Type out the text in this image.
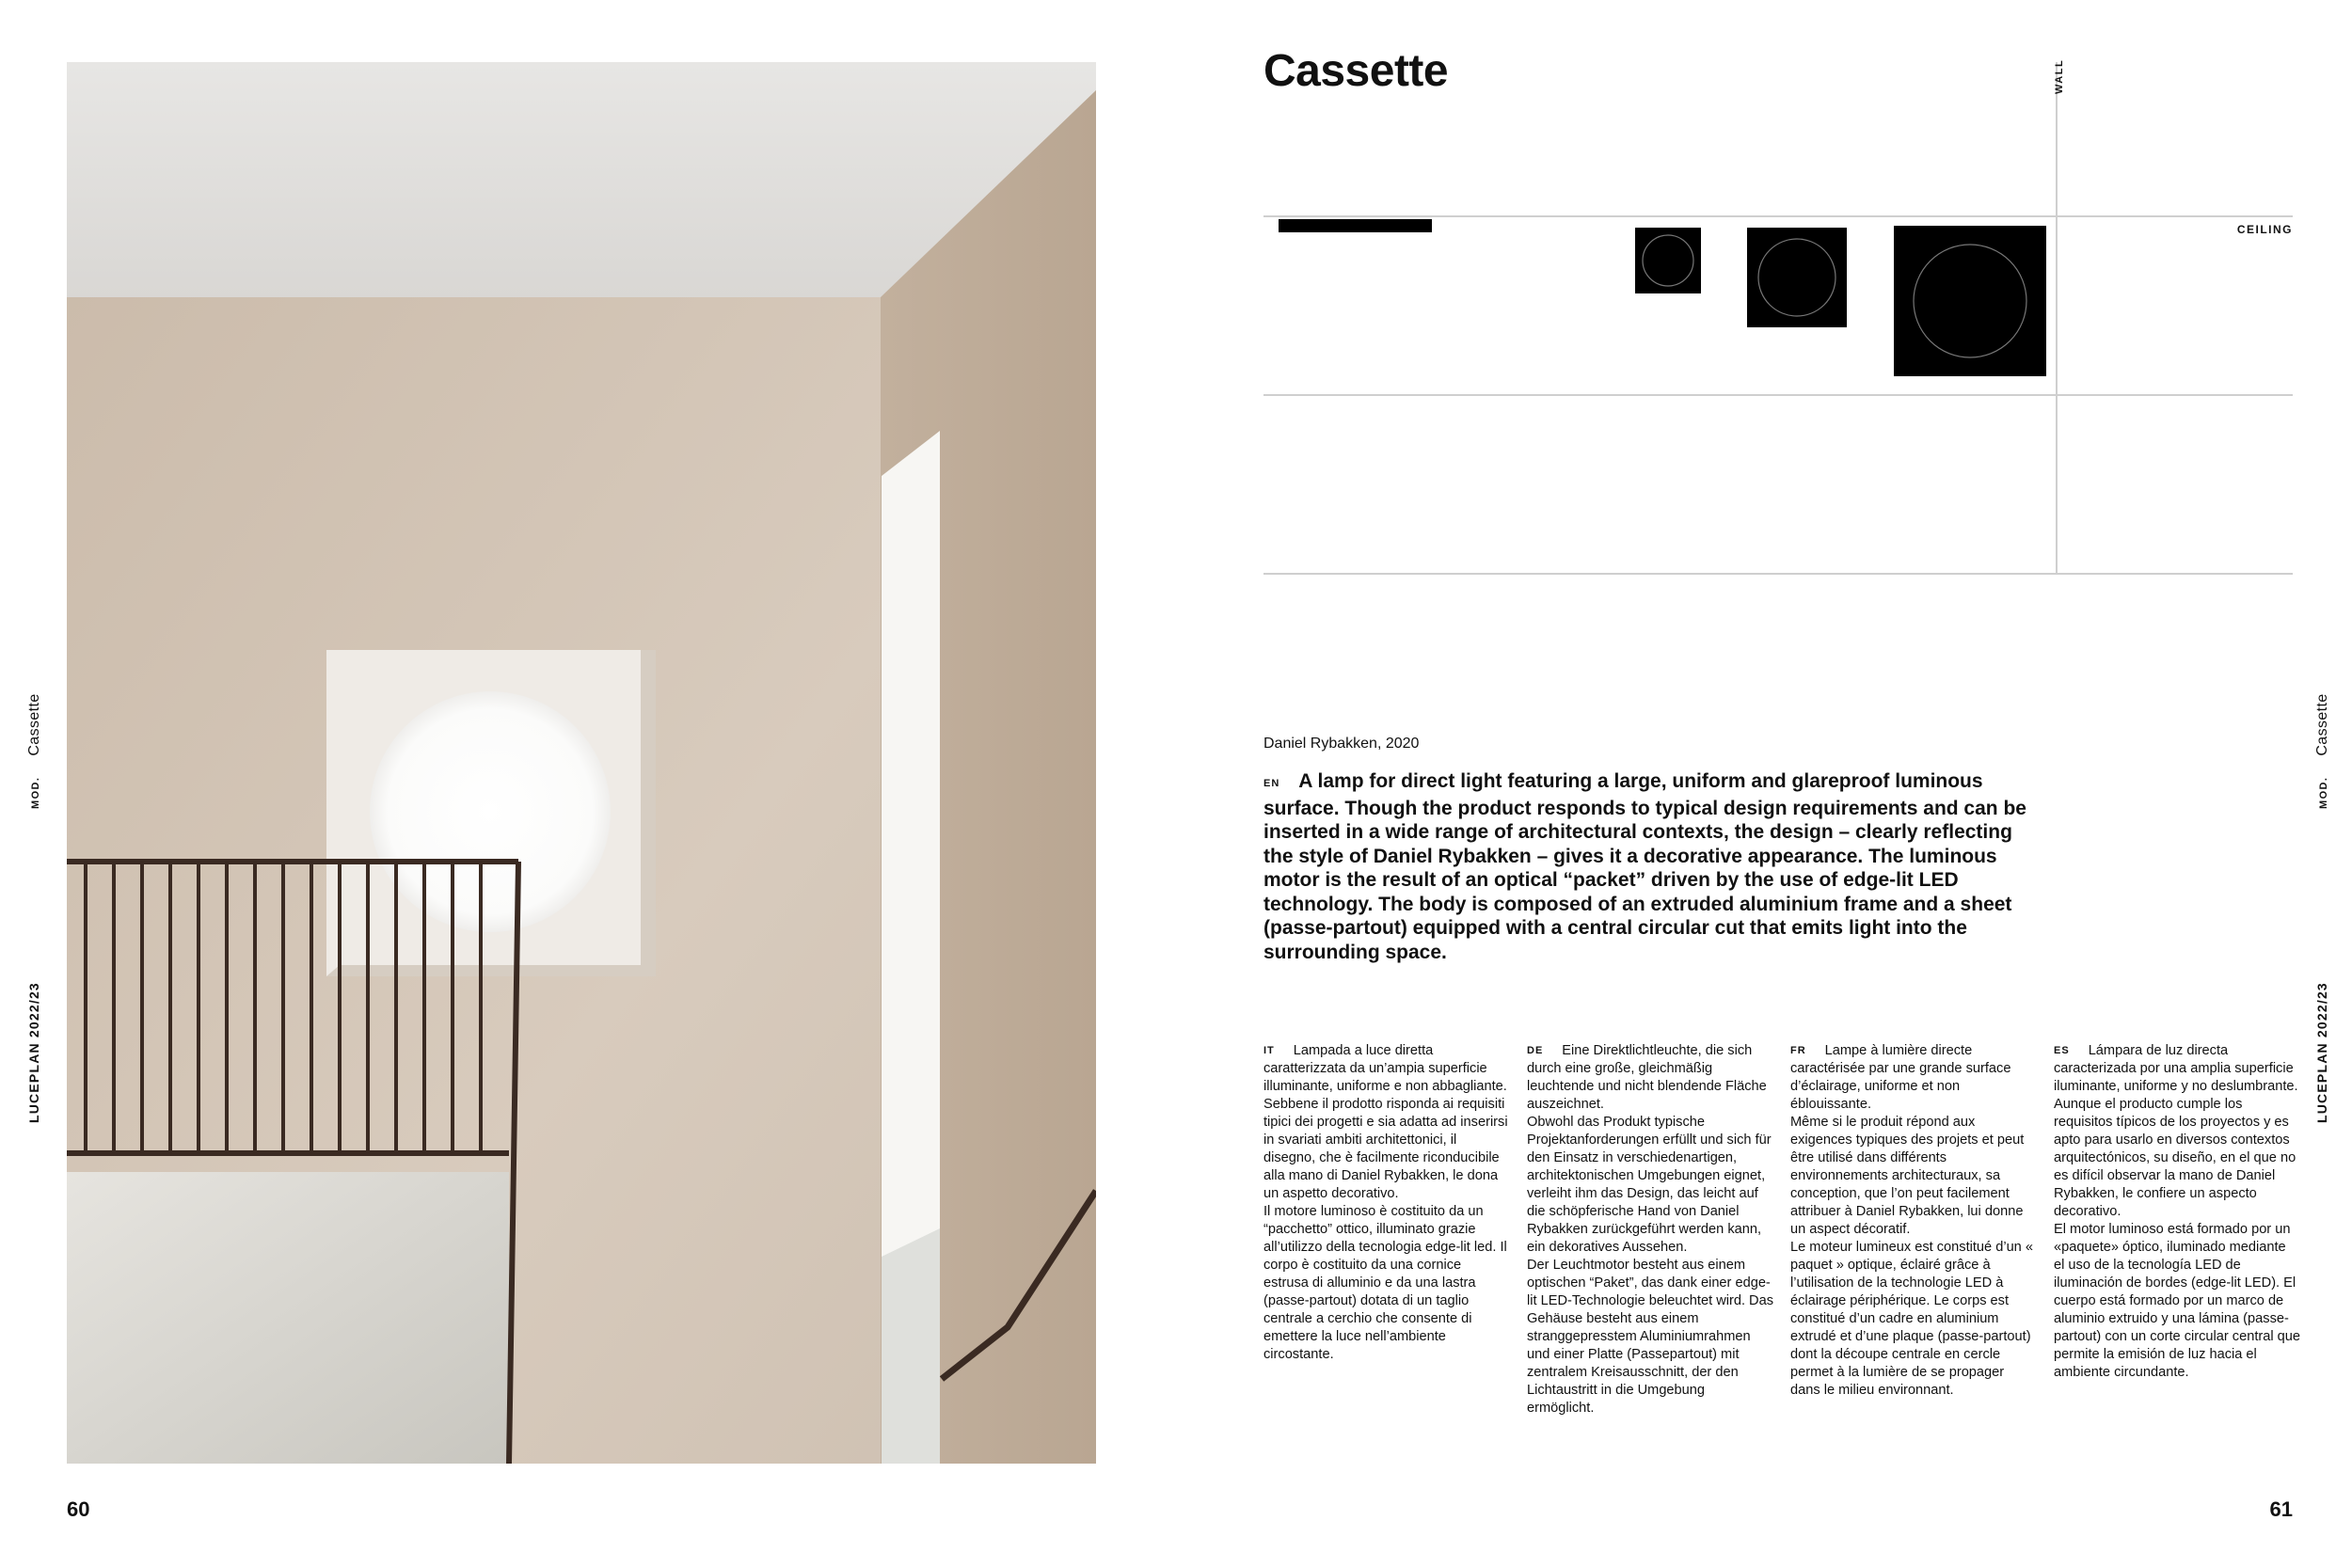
MOD.Cassette
LUCEPLAN 2022/23
60
Cassette	WALL
CEILING
Daniel Rybakken, 2020
EN A lamp for direct light featuring a large, uniform and glareproof luminous surface. Though the product responds to typical design requirements and can be inserted in a wide range of architectural contexts, the design – clearly reflecting the style of Daniel Rybakken – gives it a decorative appearance. The luminous motor is the result of an optical “packet” driven by the use of edge-lit LED technology. The body is composed of an extruded aluminium frame and a sheet (passe-partout) equipped with a central circular cut that emits light into the surrounding space.

IT Lampada a luce diretta caratterizzata da un’ampia superficie illuminante, uniforme e non abbagliante.
Sebbene il prodotto risponda ai requisiti tipici dei progetti e sia adatta ad inserirsi in svariati ambiti architettonici, il disegno, che è facilmente riconducibile alla mano di Daniel Rybakken, le dona un aspetto decorativo.
Il motore luminoso è costituito da un “pacchetto” ottico, illuminato grazie all’utilizzo della tecnologia edge-lit led. Il corpo è costituito da una cornice estrusa di alluminio e da una lastra (passe-partout) dotata di un taglio centrale a cerchio che consente di emettere la luce nell’ambiente circostante.

DE Eine Direktlichtleuchte, die sich durch eine große, gleichmäßig leuchtende und nicht blendende Fläche auszeichnet.
Obwohl das Produkt typische Projektanforderungen erfüllt und sich für den Einsatz in verschiedenartigen, architektonischen Umgebungen eignet, verleiht ihm das Design, das leicht auf die schöpferische Hand von Daniel Rybakken zurückgeführt werden kann, ein dekoratives Aussehen.
Der Leuchtmotor besteht aus einem optischen “Paket”, das dank einer edge-lit LED-Technologie beleuchtet wird. Das Gehäuse besteht aus einem stranggepresstem Aluminiumrahmen und einer Platte (Passepartout) mit zentralem Kreisausschnitt, der den Lichtaustritt in die Umgebung ermöglicht.

FR Lampe à lumière directe caractérisée par une grande surface d’éclairage, uniforme et non éblouissante.
Même si le produit répond aux exigences typiques des projets et peut être utilisé dans différents environnements architecturaux, sa conception, que l’on peut facilement attribuer à Daniel Rybakken, lui donne un aspect décoratif.
Le moteur lumineux est constitué d’un « paquet » optique, éclairé grâce à l’utilisation de la technologie LED à éclairage périphérique. Le corps est constitué d’un cadre en aluminium extrudé et d’une plaque (passe-partout) dont la découpe centrale en cercle permet à la lumière de se propager dans le milieu environnant.

ES Lámpara de luz directa caracterizada por una amplia superficie iluminante, uniforme y no deslumbrante.
Aunque el producto cumple los requisitos típicos de los proyectos y es apto para usarlo en diversos contextos arquitectónicos, su diseño, en el que no es difícil observar la mano de Daniel Rybakken, le confiere un aspecto decorativo.
El motor luminoso está formado por un «paquete» óptico, iluminado mediante el uso de la tecnología LED de iluminación de bordes (edge-lit LED). El cuerpo está formado por un marco de aluminio extruido y una lámina (passe-partout) con un corte circular central que permite la emisión de luz hacia el ambiente circundante.

MOD.Cassette
LUCEPLAN 2022/23
61
